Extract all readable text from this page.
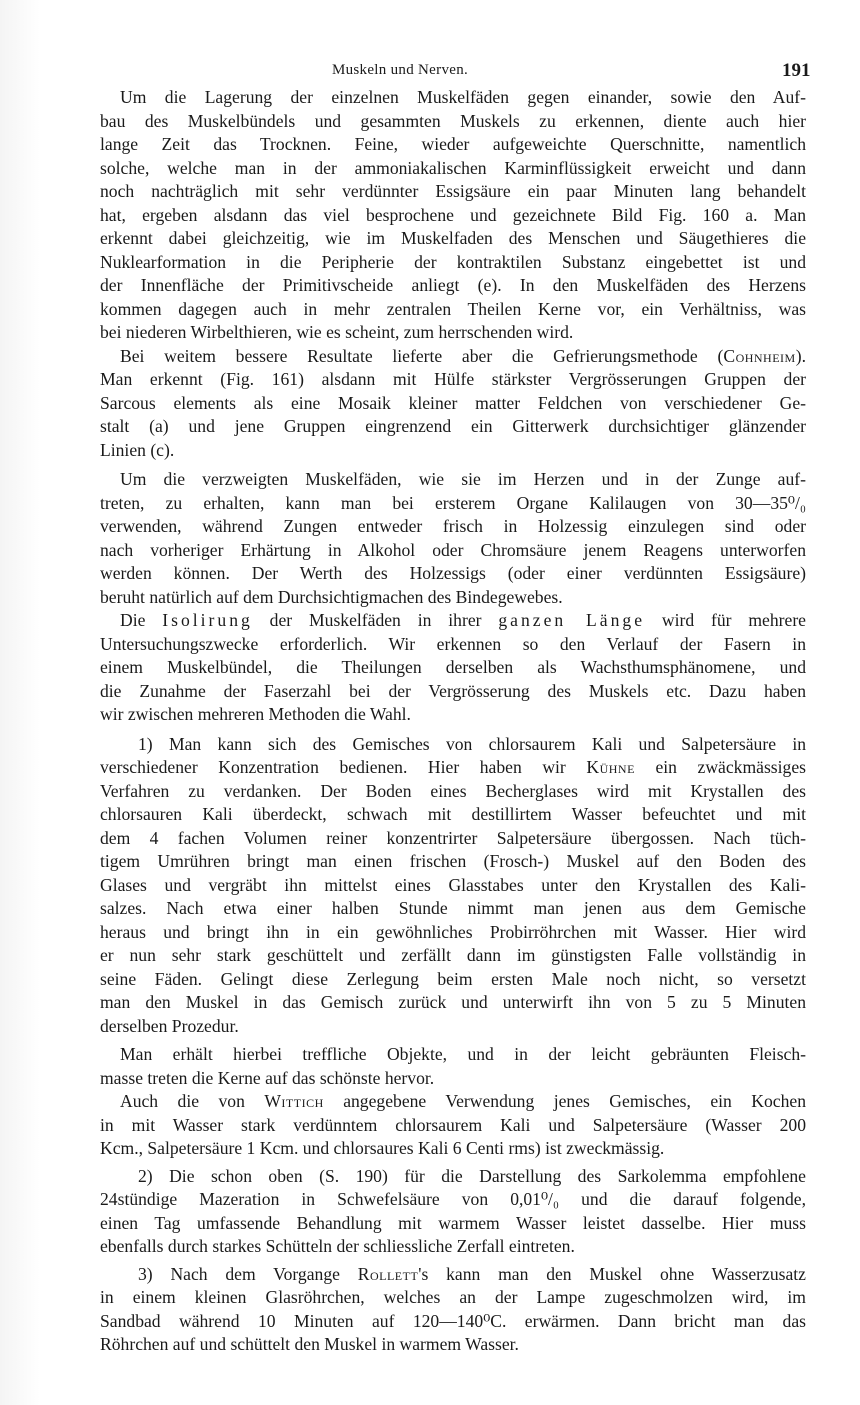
Muskeln und Nerven.	191
Um die Lagerung der einzelnen Muskelfäden gegen einander, sowie den Auf-
bau des Muskelbündels und gesammten Muskels zu erkennen, diente auch hier
lange Zeit das Trocknen. Feine, wieder aufgeweichte Querschnitte, namentlich
solche, welche man in der ammoniakalischen Karminflüssigkeit erweicht und dann
noch nachträglich mit sehr verdünnter Essigsäure ein paar Minuten lang behandelt
hat, ergeben alsdann das viel besprochene und gezeichnete Bild Fig. 160 a. Man
erkennt dabei gleichzeitig, wie im Muskelfaden des Menschen und Säugethieres die
Nuklearformation in die Peripherie der kontraktilen Substanz eingebettet ist und
der Innenfläche der Primitivscheide anliegt (e). In den Muskelfäden des Herzens
kommen dagegen auch in mehr zentralen Theilen Kerne vor, ein Verhältniss, was
bei niederen Wirbelthieren, wie es scheint, zum herrschenden wird.
Bei weitem bessere Resultate lieferte aber die Gefrierungsmethode (Cohnheim).
Man erkennt (Fig. 161) alsdann mit Hülfe stärkster Vergrösserungen Gruppen der
Sarcous elements als eine Mosaik kleiner matter Feldchen von verschiedener Ge-
stalt (a) und jene Gruppen eingrenzend ein Gitterwerk durchsichtiger glänzender
Linien (c).
Um die verzweigten Muskelfäden, wie sie im Herzen und in der Zunge auf-
treten, zu erhalten, kann man bei ersterem Organe Kalilaugen von 30—35⁰/₀
verwenden, während Zungen entweder frisch in Holzessig einzulegen sind oder
nach vorheriger Erhärtung in Alkohol oder Chromsäure jenem Reagens unterworfen
werden können. Der Werth des Holzessigs (oder einer verdünnten Essigsäure)
beruht natürlich auf dem Durchsichtigmachen des Bindegewebes.
Die Isolirung der Muskelfäden in ihrer ganzen Länge wird für mehrere
Untersuchungszwecke erforderlich. Wir erkennen so den Verlauf der Fasern in
einem Muskelbündel, die Theilungen derselben als Wachsthumsphänomene, und
die Zunahme der Faserzahl bei der Vergrösserung des Muskels etc. Dazu haben
wir zwischen mehreren Methoden die Wahl.
1) Man kann sich des Gemisches von chlorsaurem Kali und Salpetersäure in
verschiedener Konzentration bedienen. Hier haben wir Kühne ein zwäckmässiges
Verfahren zu verdanken. Der Boden eines Becherglases wird mit Krystallen des
chlorsauren Kali überdeckt, schwach mit destillirtem Wasser befeuchtet und mit
dem 4 fachen Volumen reiner konzentrirter Salpetersäure übergossen. Nach tüch-
tigem Umrühren bringt man einen frischen (Frosch-) Muskel auf den Boden des
Glases und vergräbt ihn mittelst eines Glasstabes unter den Krystallen des Kali-
salzes. Nach etwa einer halben Stunde nimmt man jenen aus dem Gemische
heraus und bringt ihn in ein gewöhnliches Probirröhrchen mit Wasser. Hier wird
er nun sehr stark geschüttelt und zerfällt dann im günstigsten Falle vollständig in
seine Fäden. Gelingt diese Zerlegung beim ersten Male noch nicht, so versetzt
man den Muskel in das Gemisch zurück und unterwirft ihn von 5 zu 5 Minuten
derselben Prozedur.
Man erhält hierbei treffliche Objekte, und in der leicht gebräunten Fleisch-
masse treten die Kerne auf das schönste hervor.
Auch die von Wittich angegebene Verwendung jenes Gemisches, ein Kochen
in mit Wasser stark verdünntem chlorsaurem Kali und Salpetersäure (Wasser 200
Kcm., Salpetersäure 1 Kcm. und chlorsaures Kali 6 Centi rms) ist zweckmässig.
2) Die schon oben (S. 190) für die Darstellung des Sarkolemma empfohlene
24stündige Mazeration in Schwefelsäure von 0,01⁰/₀ und die darauf folgende,
einen Tag umfassende Behandlung mit warmem Wasser leistet dasselbe. Hier muss
ebenfalls durch starkes Schütteln der schliessliche Zerfall eintreten.
3) Nach dem Vorgange Rollett's kann man den Muskel ohne Wasserzusatz
in einem kleinen Glasröhrchen, welches an der Lampe zugeschmolzen wird, im
Sandbad während 10 Minuten auf 120—140⁰C. erwärmen. Dann bricht man das
Röhrchen auf und schüttelt den Muskel in warmem Wasser.
